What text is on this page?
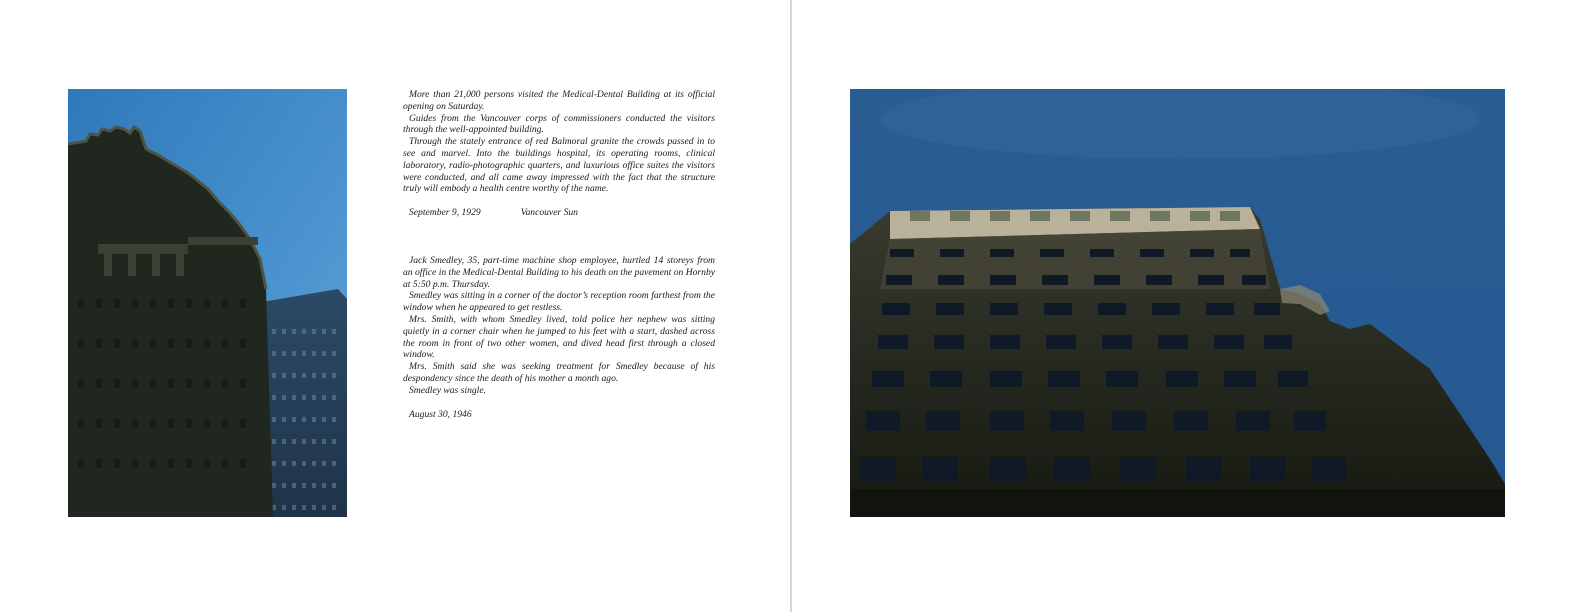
More than 21,000 persons visited the Medical-Dental Building at its official opening on Saturday.

Guides from the Vancouver corps of commissioners conducted the visitors through the well-appointed building.

Through the stately entrance of red Balmoral granite the crowds passed in to see and marvel. Into the buildings hospital, its operating rooms, clinical laboratory, radio-photographic quarters, and luxurious office suites the visitors were conducted, and all came away impressed with the fact that the structure truly will embody a health centre worthy of the name.

September 9, 1929	Vancouver Sun

Jack Smedley, 35, part-time machine shop employee, hurtled 14 storeys from an office in the Medical-Dental Building to his death on the pavement on Hornby at 5:50 p.m. Thursday.

Smedley was sitting in a corner of the doctor’s reception room farthest from the window when he appeared to get restless.

Mrs. Smith, with whom Smedley lived, told police her nephew was sitting quietly in a corner chair when he jumped to his feet with a start, dashed across the room in front of two other women, and dived head first through a closed window.

Mrs. Smith said she was seeking treatment for Smedley because of his despondency since the death of his mother a month ago.

Smedley was single.

August 30, 1946
